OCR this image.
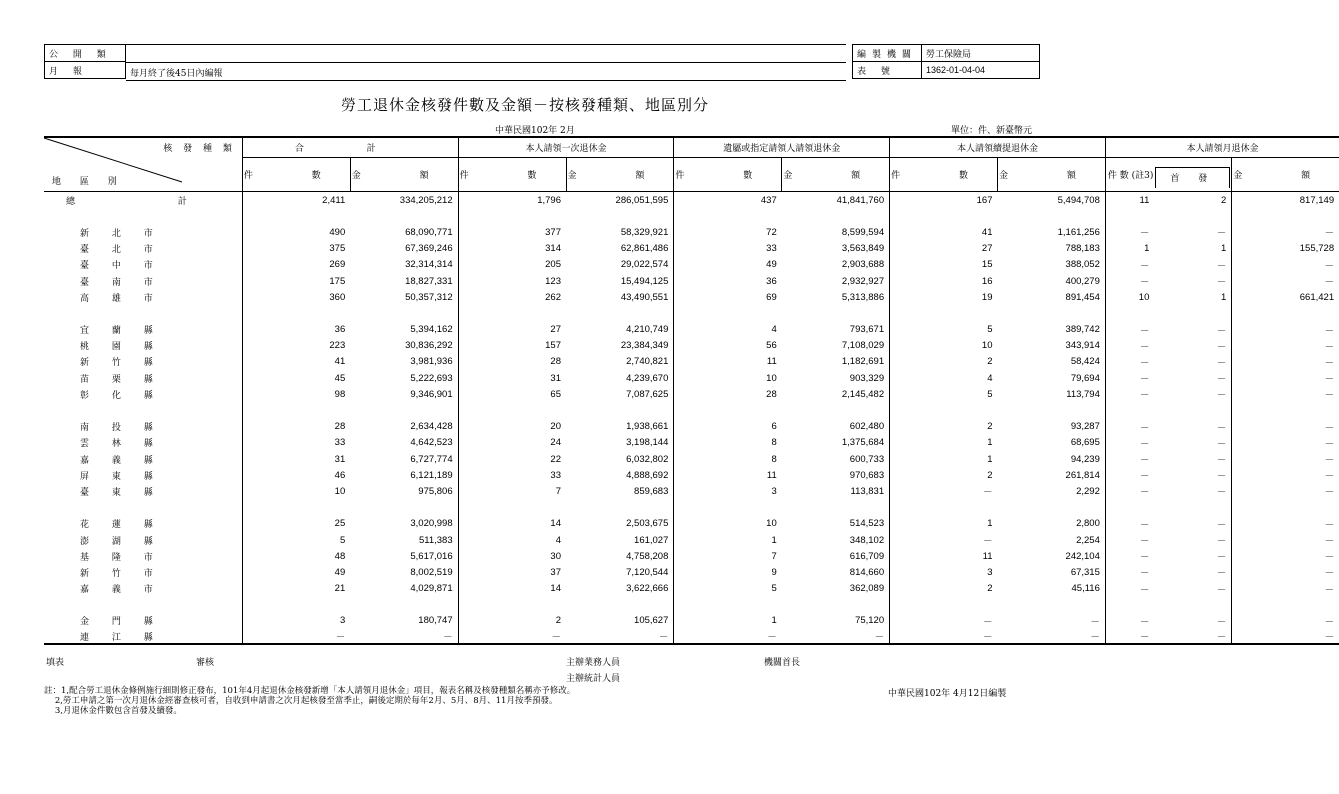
公 開 類
月 報	每月終了後45日內編報
編製機關	勞工保險局
表 號	1362-01-04-04
勞工退休金核發件數及金額－按核發種類、地區別分
中華民國102年 2月	單位：件、新臺幣元
核 發 種 類
地 區 別	合 計		本人請領一次退休金		遺屬或指定請領人請領退休金		本人請領續提退休金		本人請領月退休金		
	件 數	金 額	件 數	金 額	件 數	金 額	件 數	金 額	件 數 (註3)	首 發	金 額
總 計	2,411	334,205,212	1,796	286,051,595	437	41,841,760	167	5,494,708	11	2	817,149

新 北 市	490	68,090,771	377	58,329,921	72	8,599,594	41	1,161,256	－	－	－
臺 北 市	375	67,369,246	314	62,861,486	33	3,563,849	27	788,183	1	1	155,728
臺 中 市	269	32,314,314	205	29,022,574	49	2,903,688	15	388,052	－	－	－
臺 南 市	175	18,827,331	123	15,494,125	36	2,932,927	16	400,279	－	－	－
高 雄 市	360	50,357,312	262	43,490,551	69	5,313,886	19	891,454	10	1	661,421

宜 蘭 縣	36	5,394,162	27	4,210,749	4	793,671	5	389,742	－	－	－
桃 園 縣	223	30,836,292	157	23,384,349	56	7,108,029	10	343,914	－	－	－
新 竹 縣	41	3,981,936	28	2,740,821	11	1,182,691	2	58,424	－	－	－
苗 栗 縣	45	5,222,693	31	4,239,670	10	903,329	4	79,694	－	－	－
彰 化 縣	98	9,346,901	65	7,087,625	28	2,145,482	5	113,794	－	－	－

南 投 縣	28	2,634,428	20	1,938,661	6	602,480	2	93,287	－	－	－
雲 林 縣	33	4,642,523	24	3,198,144	8	1,375,684	1	68,695	－	－	－
嘉 義 縣	31	6,727,774	22	6,032,802	8	600,733	1	94,239	－	－	－
屏 東 縣	46	6,121,189	33	4,888,692	11	970,683	2	261,814	－	－	－
臺 東 縣	10	975,806	7	859,683	3	113,831	－	2,292	－	－	－

花 蓮 縣	25	3,020,998	14	2,503,675	10	514,523	1	2,800	－	－	－
澎 湖 縣	5	511,383	4	161,027	1	348,102	－	2,254	－	－	－
基 隆 市	48	5,617,016	30	4,758,208	7	616,709	11	242,104	－	－	－
新 竹 市	49	8,002,519	37	7,120,544	9	814,660	3	67,315	－	－	－
嘉 義 市	21	4,029,871	14	3,622,666	5	362,089	2	45,116	－	－	－

金 門 縣	3	180,747	2	105,627	1	75,120	－	－	－	－	－
連 江 縣	－	－	－	－	－	－	－	－	－	－	－
填表	審核	主辦業務人員	機關首長
主辦統計人員
中華民國102年 4月12日編製
註：1,配合勞工退休金條例施行細則修正發布，101年4月起退休金核發新增「本人請領月退休金」項目，報表名稱及核發種類名稱亦予修改。
2,勞工申請之第一次月退休金經審查核可者，自收到申請書之次月起核發至當季止，嗣後定期於每年2月、5月、8月、11月按季預發。
3,月退休金件數包含首發及續發。
